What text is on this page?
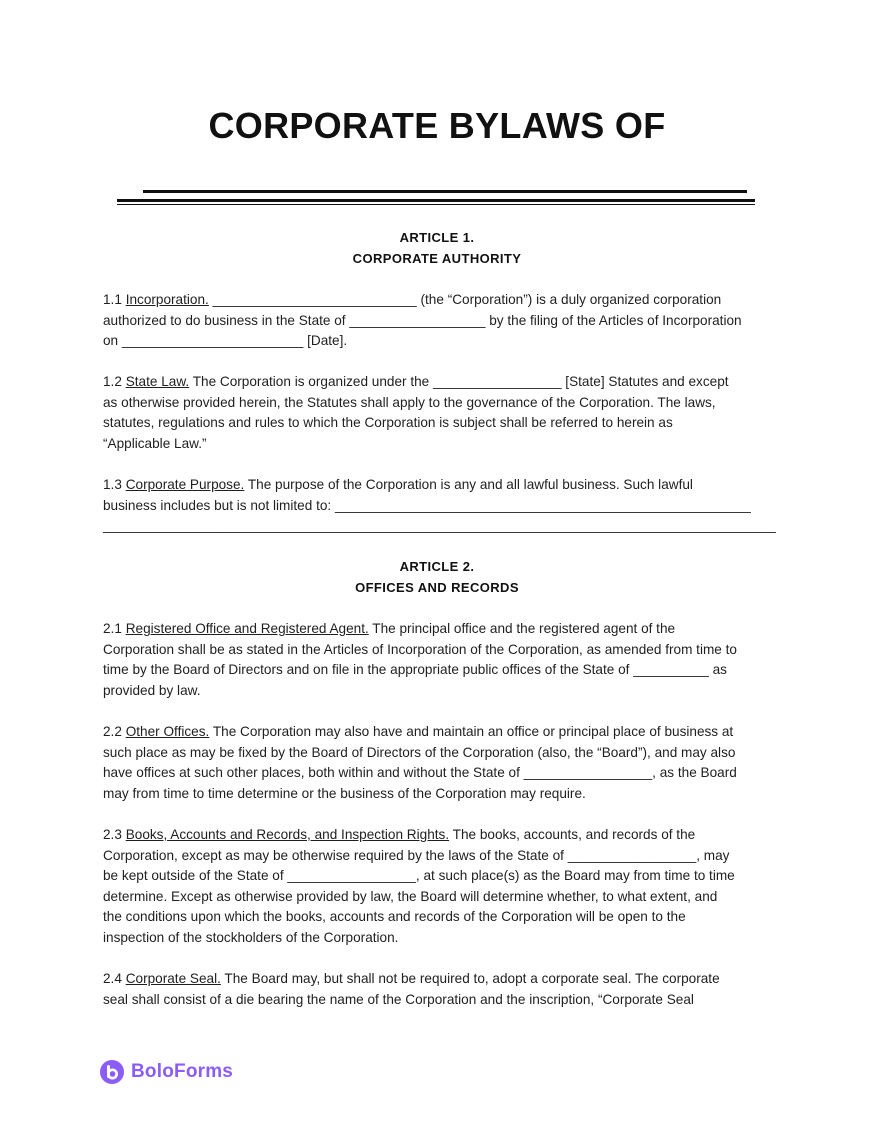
CORPORATE BYLAWS OF
ARTICLE 1.
CORPORATE AUTHORITY
1.1 Incorporation. ___________________________ (the “Corporation”) is a duly organized corporation
authorized to do business in the State of __________________ by the filing of the Articles of Incorporation
on ________________________ [Date].
1.2 State Law. The Corporation is organized under the _________________ [State] Statutes and except
as otherwise provided herein, the Statutes shall apply to the governance of the Corporation. The laws,
statutes, regulations and rules to which the Corporation is subject shall be referred to herein as
“Applicable Law.”
1.3 Corporate Purpose. The purpose of the Corporation is any and all lawful business. Such lawful
business includes but is not limited to: _______________________________________________________
_________________________________________________________________________________________
ARTICLE 2.
OFFICES AND RECORDS
2.1 Registered Office and Registered Agent. The principal office and the registered agent of the
Corporation shall be as stated in the Articles of Incorporation of the Corporation, as amended from time to
time by the Board of Directors and on file in the appropriate public offices of the State of __________ as
provided by law.
2.2 Other Offices. The Corporation may also have and maintain an office or principal place of business at
such place as may be fixed by the Board of Directors of the Corporation (also, the “Board”), and may also
have offices at such other places, both within and without the State of _________________, as the Board
may from time to time determine or the business of the Corporation may require.
2.3 Books, Accounts and Records, and Inspection Rights. The books, accounts, and records of the
Corporation, except as may be otherwise required by the laws of the State of _________________, may
be kept outside of the State of _________________, at such place(s) as the Board may from time to time
determine. Except as otherwise provided by law, the Board will determine whether, to what extent, and
the conditions upon which the books, accounts and records of the Corporation will be open to the
inspection of the stockholders of the Corporation.
2.4 Corporate Seal. The Board may, but shall not be required to, adopt a corporate seal. The corporate
seal shall consist of a die bearing the name of the Corporation and the inscription, “Corporate Seal
BoloForms
